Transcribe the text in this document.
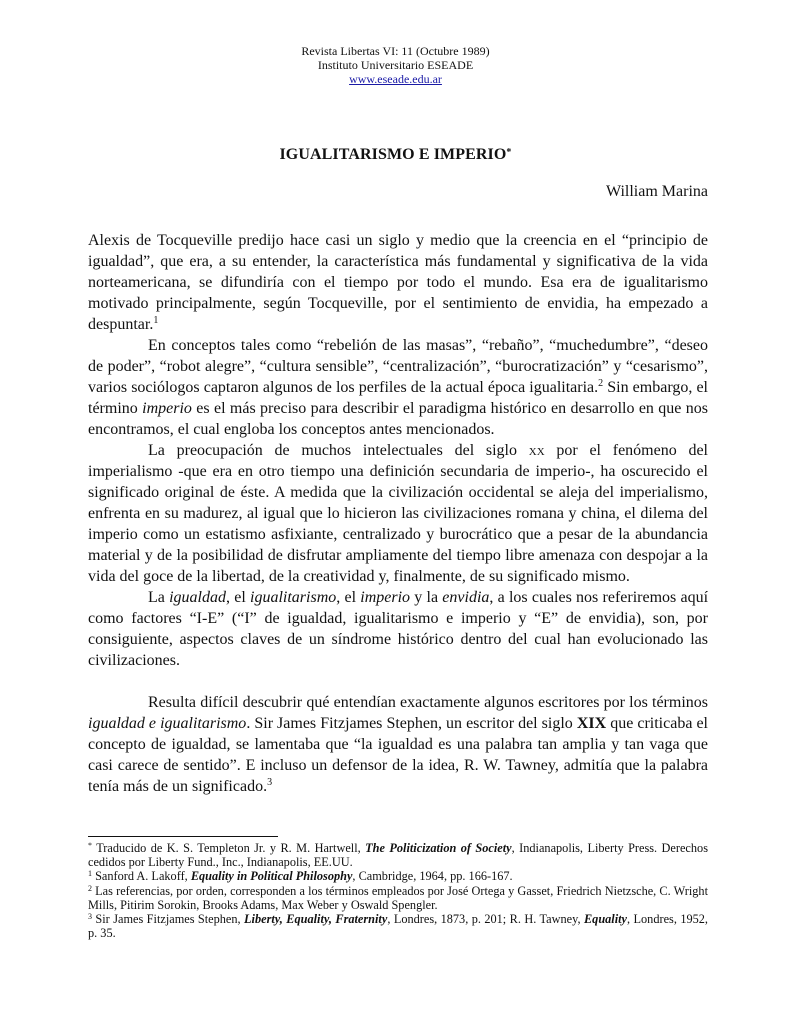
Revista Libertas VI: 11 (Octubre 1989)
Instituto Universitario ESEADE
www.eseade.edu.ar
IGUALITARISMO E IMPERIO*
William Marina

Alexis de Tocqueville predijo hace casi un siglo y medio que la creencia en el “principio de igualdad”, que era, a su entender, la característica más fundamental y significativa de la vida norteamericana, se difundiría con el tiempo por todo el mundo. Esa era de igualitarismo motivado principalmente, según Tocqueville, por el sentimiento de envidia, ha empezado a despuntar.$^1$

En conceptos tales como “rebelión de las masas”, “rebaño”, “muchedumbre”, “deseo de poder”, “robot alegre”, “cultura sensible”, “centralización”, “burocratización” y “cesarismo”, varios sociólogos captaron algunos de los perfiles de la actual época igualitaria.$^2$ Sin embargo, el término imperio es el más preciso para describir el paradigma histórico en desarrollo en que nos encontramos, el cual engloba los conceptos antes mencionados.

La preocupación de muchos intelectuales del siglo xx por el fenómeno del imperialismo -que era en otro tiempo una definición secundaria de imperio-, ha oscurecido el significado original de éste. A medida que la civilización occidental se aleja del imperialismo, enfrenta en su madurez, al igual que lo hicieron las civilizaciones romana y china, el dilema del imperio como un estatismo asfixiante, centralizado y burocrático que a pesar de la abundancia material y de la posibilidad de disfrutar ampliamente del tiempo libre amenaza con despojar a la vida del goce de la libertad, de la creatividad y, finalmente, de su significado mismo.

La igualdad, el igualitarismo, el imperio y la envidia, a los cuales nos referiremos aquí como factores “I-E” (“I” de igualdad, igualitarismo e imperio y “E” de envidia), son, por consiguiente, aspectos claves de un síndrome histórico dentro del cual han evolucionado las civilizaciones.

Resulta difícil descubrir qué entendían exactamente algunos escritores por los términos igualdad e igualitarismo. Sir James Fitzjames Stephen, un escritor del siglo XIX que criticaba el concepto de igualdad, se lamentaba que “la igualdad es una palabra tan amplia y tan vaga que casi carece de sentido”. E incluso un defensor de la idea, R. W. Tawney, admitía que la palabra tenía más de un significado.$^3$

* Traducido de K. S. Templeton Jr. y R. M. Hartwell, The Politicization of Society, Indianapolis, Liberty Press. Derechos cedidos por Liberty Fund., Inc., Indianapolis, EE.UU.

$^1$ Sanford A. Lakoff, Equality in Political Philosophy, Cambridge, 1964, pp. 166-167.

$^2$ Las referencias, por orden, corresponden a los términos empleados por José Ortega y Gasset, Friedrich Nietzsche, C. Wright Mills, Pitirim Sorokin, Brooks Adams, Max Weber y Oswald Spengler.

$^3$ Sir James Fitzjames Stephen, Liberty, Equality, Fraternity, Londres, 1873, p. 201; R. H. Tawney, Equality, Londres, 1952, p. 35.
